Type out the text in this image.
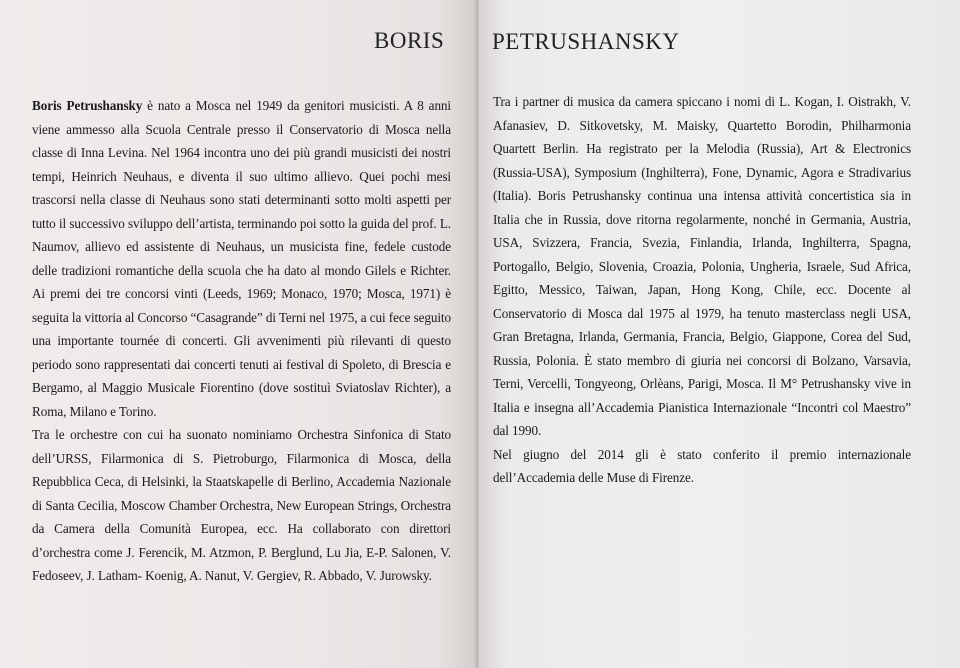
BORIS

Boris Petrushansky è nato a Mosca nel 1949 da genitori musicisti. A 8 anni viene ammesso alla Scuola Centrale presso il Conservatorio di Mosca nella classe di Inna Levina. Nel 1964 incontra uno dei più grandi musicisti dei nostri tempi, Heinrich Neuhaus, e diventa il suo ultimo allievo. Quei pochi mesi trascorsi nella classe di Neuhaus sono stati determinanti sotto molti aspetti per tutto il successivo sviluppo dell’artista, terminando poi sotto la guida del prof. L. Naumov, allievo ed assistente di Neuhaus, un musicista fine, fedele custode delle tradizioni romantiche della scuola che ha dato al mondo Gilels e Richter. Ai premi dei tre concorsi vinti (Leeds, 1969; Monaco, 1970; Mosca, 1971) è seguita la vittoria al Concorso “Casagrande” di Terni nel 1975, a cui fece seguito una importante tournée di concerti. Gli avvenimenti più rilevanti di questo periodo sono rappresentati dai concerti tenuti ai festival di Spoleto, di Brescia e Bergamo, al Maggio Musicale Fiorentino (dove sostituì Sviatoslav Richter), a Roma, Milano e Torino.

Tra le orchestre con cui ha suonato nominiamo Orchestra Sinfonica di Stato dell’URSS, Filarmonica di S. Pietroburgo, Filarmonica di Mosca, della Repubblica Ceca, di Helsinki, la Staatskapelle di Berlino, Accademia Nazionale di Santa Cecilia, Moscow Chamber Orchestra, New European Strings, Orchestra da Camera della Comunità Europea, ecc. Ha collaborato con direttori d’orchestra come J. Ferencik, M. Atzmon, P. Berglund, Lu Jia, E-P. Salonen, V. Fedoseev, J. Latham- Koenig, A. Nanut, V. Gergiev, R. Abbado, V. Jurowsky.

PETRUSHANSKY

Tra i partner di musica da camera spiccano i nomi di L. Kogan, I. Oistrakh, V. Afanasiev, D. Sitkovetsky, M. Maisky, Quartetto Borodin, Philharmonia Quartett Berlin. Ha registrato per la Melodia (Russia), Art & Electronics (Russia-USA), Symposium (Inghilterra), Fone, Dynamic, Agora e Stradivarius (Italia). Boris Petrushansky continua una intensa attività concertistica sia in Italia che in Russia, dove ritorna regolarmente, nonché in Germania, Austria, USA, Svizzera, Francia, Svezia, Finlandia, Irlanda, Inghilterra, Spagna, Portogallo, Belgio, Slovenia, Croazia, Polonia, Ungheria, Israele, Sud Africa, Egitto, Messico, Taiwan, Japan, Hong Kong, Chile, ecc. Docente al Conservatorio di Mosca dal 1975 al 1979, ha tenuto masterclass negli USA, Gran Bretagna, Irlanda, Germania, Francia, Belgio, Giappone, Corea del Sud, Russia, Polonia. È stato membro di giuria nei concorsi di Bolzano, Varsavia, Terni, Vercelli, Tongyeong, Orlèans, Parigi, Mosca. Il M° Petrushansky vive in Italia e insegna all’Accademia Pianistica Internazionale “Incontri col Maestro” dal 1990.

Nel giugno del 2014 gli è stato conferito il premio internazionale dell’Accademia delle Muse di Firenze.
